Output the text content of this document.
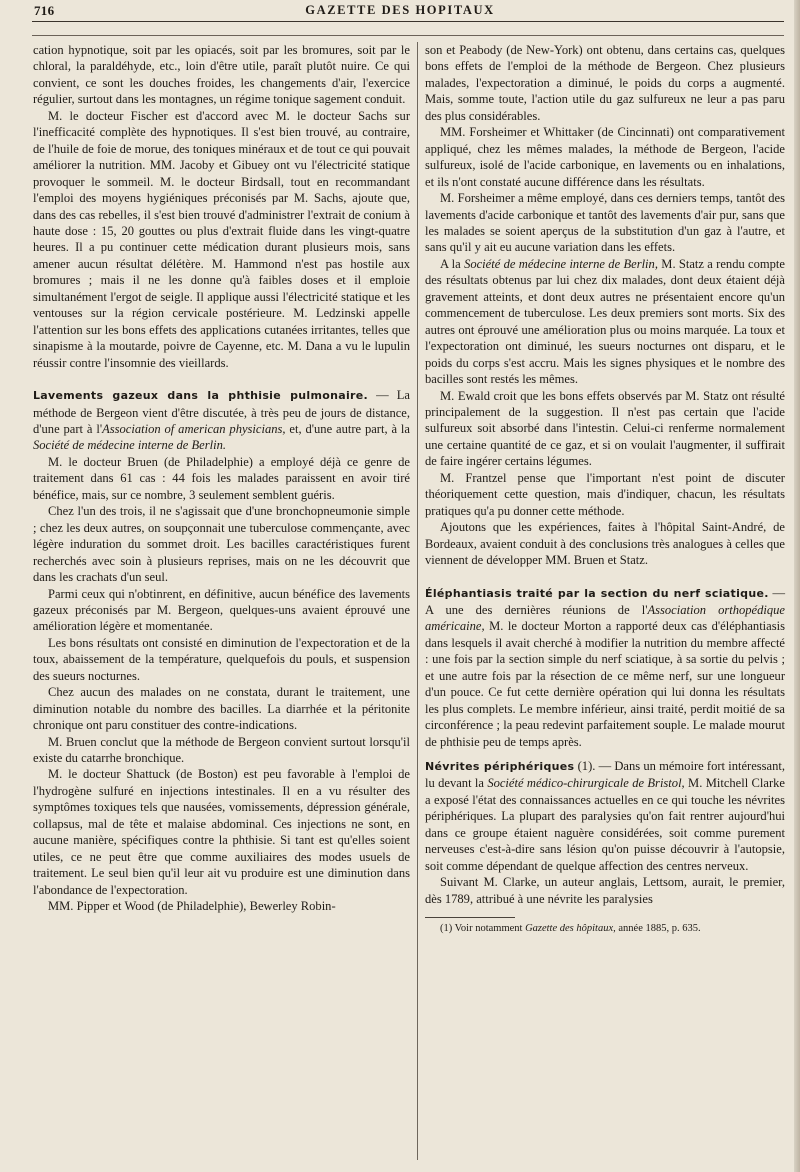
716	GAZETTE DES HOPITAUX

cation hypnotique, soit par les opiacés, soit par les bromures, soit par le chloral, la paraldéhyde, etc., loin d'être utile, paraît plutôt nuire. Ce qui convient, ce sont les douches froides, les changements d'air, l'exercice régulier, surtout dans les montagnes, un régime tonique sagement conduit.

M. le docteur Fischer est d'accord avec M. le docteur Sachs sur l'inefficacité complète des hypnotiques. Il s'est bien trouvé, au contraire, de l'huile de foie de morue, des toniques minéraux et de tout ce qui pouvait améliorer la nutrition. MM. Jacoby et Gibuey ont vu l'électricité statique provoquer le sommeil. M. le docteur Birdsall, tout en recommandant l'emploi des moyens hygiéniques préconisés par M. Sachs, ajoute que, dans des cas rebelles, il s'est bien trouvé d'administrer l'extrait de conium à haute dose : 15, 20 gouttes ou plus d'extrait fluide dans les vingt-quatre heures. Il a pu continuer cette médication durant plusieurs mois, sans amener aucun résultat délétère. M. Hammond n'est pas hostile aux bromures ; mais il ne les donne qu'à faibles doses et il emploie simultanément l'ergot de seigle. Il applique aussi l'électricité statique et les ventouses sur la région cervicale postérieure. M. Ledzinski appelle l'attention sur les bons effets des applications cutanées irritantes, telles que sinapisme à la moutarde, poivre de Cayenne, etc. M. Dana a vu le lupulin réussir contre l'insomnie des vieillards.

Lavements gazeux dans la phthisie pulmonaire. — La méthode de Bergeon vient d'être discutée, à très peu de jours de distance, d'une part à l'Association of american physicians, et, d'une autre part, à la Société de médecine interne de Berlin.

M. le docteur Bruen (de Philadelphie) a employé déjà ce genre de traitement dans 61 cas : 44 fois les malades paraissent en avoir tiré bénéfice, mais, sur ce nombre, 3 seulement semblent guéris.

Chez l'un des trois, il ne s'agissait que d'une bronchopneumonie simple ; chez les deux autres, on soupçonnait une tuberculose commençante, avec légère induration du sommet droit. Les bacilles caractéristiques furent recherchés avec soin à plusieurs reprises, mais on ne les découvrit que dans les crachats d'un seul.

Parmi ceux qui n'obtinrent, en définitive, aucun bénéfice des lavements gazeux préconisés par M. Bergeon, quelques-uns avaient éprouvé une amélioration légère et momentanée.

Les bons résultats ont consisté en diminution de l'expectoration et de la toux, abaissement de la température, quelquefois du pouls, et suspension des sueurs nocturnes.

Chez aucun des malades on ne constata, durant le traitement, une diminution notable du nombre des bacilles. La diarrhée et la péritonite chronique ont paru constituer des contre-indications.

M. Bruen conclut que la méthode de Bergeon convient surtout lorsqu'il existe du catarrhe bronchique.

M. le docteur Shattuck (de Boston) est peu favorable à l'emploi de l'hydrogène sulfuré en injections intestinales. Il en a vu résulter des symptômes toxiques tels que nausées, vomissements, dépression générale, collapsus, mal de tête et malaise abdominal. Ces injections ne sont, en aucune manière, spécifiques contre la phthisie. Si tant est qu'elles soient utiles, ce ne peut être que comme auxiliaires des modes usuels de traitement. Le seul bien qu'il leur ait vu produire est une diminution dans l'abondance de l'expectoration.

MM. Pipper et Wood (de Philadelphie), Bewerley Robin-

son et Peabody (de New-York) ont obtenu, dans certains cas, quelques bons effets de l'emploi de la méthode de Bergeon. Chez plusieurs malades, l'expectoration a diminué, le poids du corps a augmenté. Mais, somme toute, l'action utile du gaz sulfureux ne leur a pas paru des plus considérables.

MM. Forsheimer et Whittaker (de Cincinnati) ont comparativement appliqué, chez les mêmes malades, la méthode de Bergeon, l'acide sulfureux, isolé de l'acide carbonique, en lavements ou en inhalations, et ils n'ont constaté aucune différence dans les résultats.

M. Forsheimer a même employé, dans ces derniers temps, tantôt des lavements d'acide carbonique et tantôt des lavements d'air pur, sans que les malades se soient aperçus de la substitution d'un gaz à l'autre, et sans qu'il y ait eu aucune variation dans les effets.

A la Société de médecine interne de Berlin, M. Statz a rendu compte des résultats obtenus par lui chez dix malades, dont deux étaient déjà gravement atteints, et dont deux autres ne présentaient encore qu'un commencement de tuberculose. Les deux premiers sont morts. Six des autres ont éprouvé une amélioration plus ou moins marquée. La toux et l'expectoration ont diminué, les sueurs nocturnes ont disparu, et le poids du corps s'est accru. Mais les signes physiques et le nombre des bacilles sont restés les mêmes.

M. Ewald croit que les bons effets observés par M. Statz ont résulté principalement de la suggestion. Il n'est pas certain que l'acide sulfureux soit absorbé dans l'intestin. Celui-ci renferme normalement une certaine quantité de ce gaz, et si on voulait l'augmenter, il suffirait de faire ingérer certains légumes.

M. Frantzel pense que l'important n'est point de discuter théoriquement cette question, mais d'indiquer, chacun, les résultats pratiques qu'a pu donner cette méthode.

Ajoutons que les expériences, faites à l'hôpital Saint-André, de Bordeaux, avaient conduit à des conclusions très analogues à celles que viennent de développer MM. Bruen et Statz.

Éléphantiasis traité par la section du nerf sciatique. — A une des dernières réunions de l'Association orthopédique américaine, M. le docteur Morton a rapporté deux cas d'éléphantiasis dans lesquels il avait cherché à modifier la nutrition du membre affecté : une fois par la section simple du nerf sciatique, à sa sortie du pelvis ; et une autre fois par la résection de ce même nerf, sur une longueur d'un pouce. Ce fut cette dernière opération qui lui donna les résultats les plus complets. Le membre inférieur, ainsi traité, perdit moitié de sa circonférence ; la peau redevint parfaitement souple. Le malade mourut de phthisie peu de temps après.

Névrites périphériques (1). — Dans un mémoire fort intéressant, lu devant la Société médico-chirurgicale de Bristol, M. Mitchell Clarke a exposé l'état des connaissances actuelles en ce qui touche les névrites périphériques. La plupart des paralysies qu'on fait rentrer aujourd'hui dans ce groupe étaient naguère considérées, soit comme purement nerveuses c'est-à-dire sans lésion qu'on puisse découvrir à l'autopsie, soit comme dépendant de quelque affection des centres nerveux.

Suivant M. Clarke, un auteur anglais, Lettsom, aurait, le premier, dès 1789, attribué à une névrite les paralysies

(1) Voir notamment Gazette des hôpitaux, année 1885, p. 635.
